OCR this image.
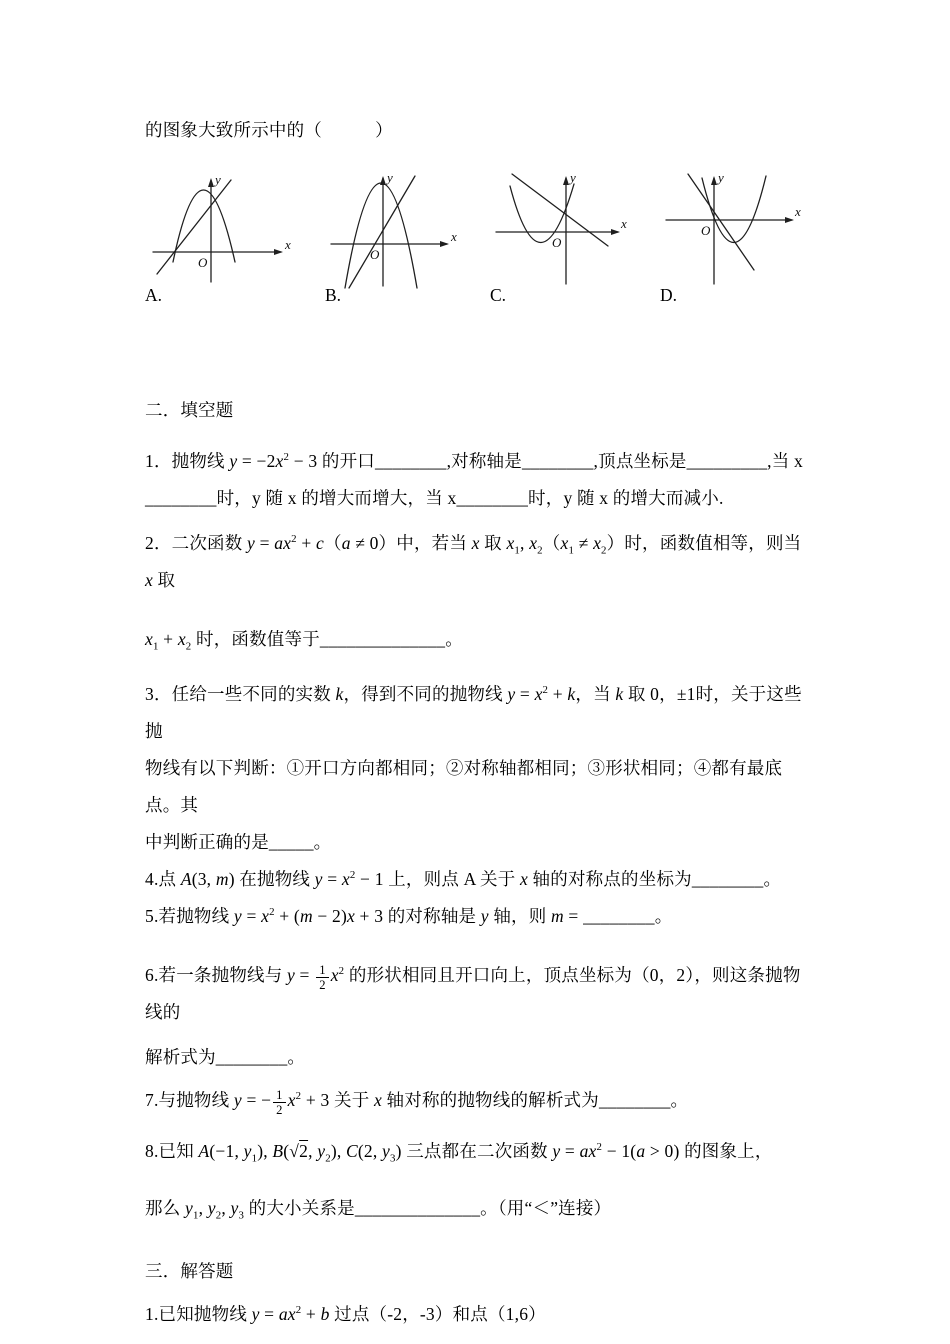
的图象大致所示中的（　　　）

y
x
O
A.
y
x
O
B.
y
x
O
C.
y
x
O
D.

二．填空题

1．抛物线 $y = -2x^2 - 3$ 的开口________,对称轴是________,顶点坐标是_________,当 x

________时，y 随 x 的增大而增大，当 x________时，y 随 x 的增大而减小.

2．二次函数 $y = ax^2 + c(a \ne 0)$中，若当 x 取 $x_1$, $x_2(x_1 \ne x_2)$时，函数值相等，则当 x 取

$x_1 + x_2$ 时，函数值等于______________。

3．任给一些不同的实数 k，得到不同的抛物线 $y = x^2 + k$，当 k 取 0，±1时，关于这些抛

物线有以下判断：①开口方向都相同；②对称轴都相同；③形状相同；④都有最底点。其

中判断正确的是_____。

4.点 A(3, m) 在抛物线 $y = x^2 - 1$ 上，则点 A 关于 x 轴的对称点的坐标为________。

5.若抛物线 $y = x^2 + (m - 2)x + 3$ 的对称轴是 y 轴，则 m = ________。

6.若一条抛物线与 $y = \frac{1}{2} x^2$ 的形状相同且开口向上，顶点坐标为（0，2），则这条抛物线的

解析式为________。

7.与抛物线 y = − $\frac{1}{2} x^2 + 3$ 关于 x 轴对称的抛物线的解析式为________。

8.已知 A(−1, $y_1$), B(√2, $y_2$), C(2, $y_3$) 三点都在二次函数 $y = ax^2 - 1(a > 0)$ 的图象上，

那么 $y_1$, $y_2$, $y_3$ 的大小关系是______________。（用“＜”连接）

三．解答题

1.已知抛物线 $y = ax^2 + b$ 过点（-2，-3）和点（1,6）
